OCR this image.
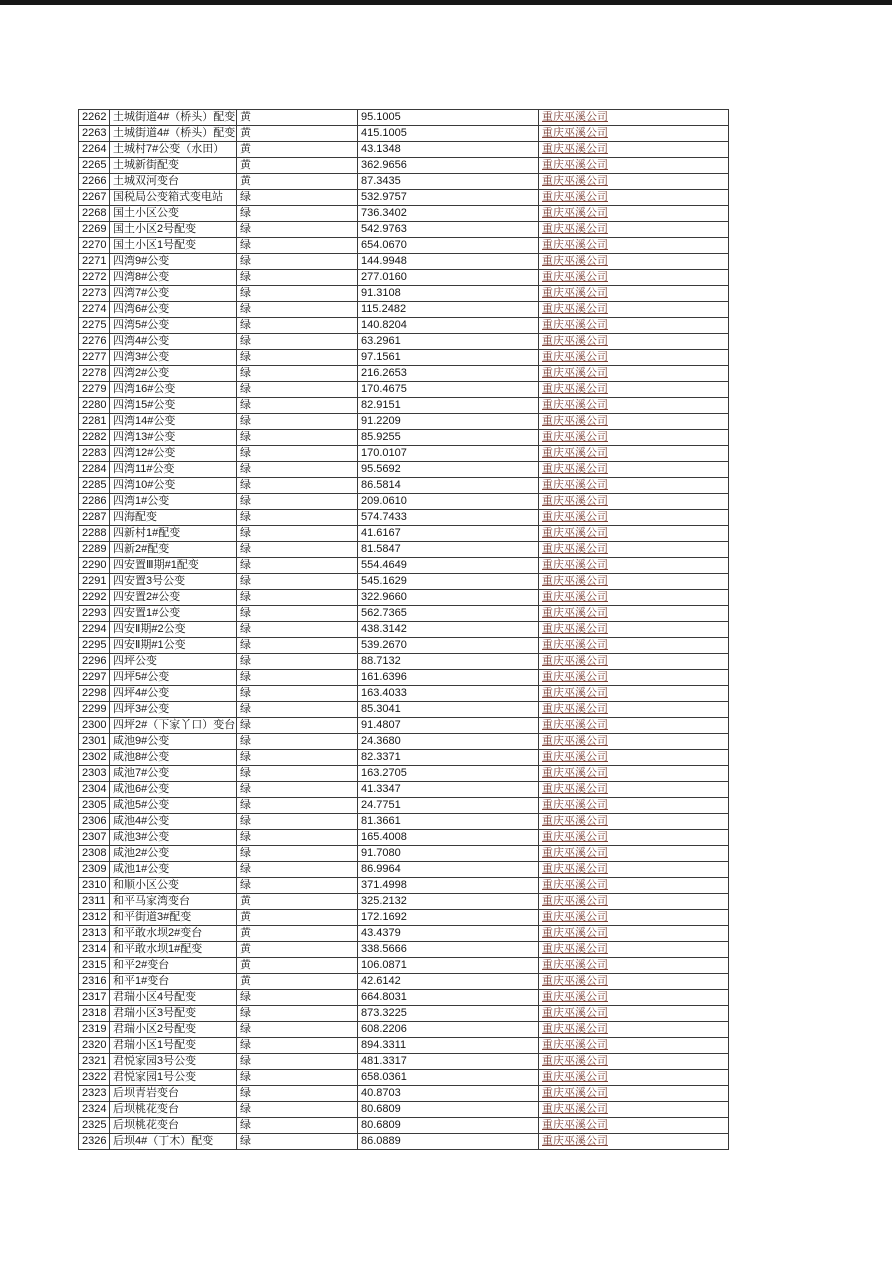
2262	土城街道4#（桥头）配变	黄	95.1005	重庆巫溪公司
2263	土城街道4#（桥头）配变	黄	415.1005	重庆巫溪公司
2264	土城村7#公变（水田）	黄	43.1348	重庆巫溪公司
2265	土城新街配变	黄	362.9656	重庆巫溪公司
2266	土城双河变台	黄	87.3435	重庆巫溪公司
2267	国税局公变箱式变电站	绿	532.9757	重庆巫溪公司
2268	国土小区公变	绿	736.3402	重庆巫溪公司
2269	国土小区2号配变	绿	542.9763	重庆巫溪公司
2270	国土小区1号配变	绿	654.0670	重庆巫溪公司
2271	四湾9#公变	绿	144.9948	重庆巫溪公司
2272	四湾8#公变	绿	277.0160	重庆巫溪公司
2273	四湾7#公变	绿	91.3108	重庆巫溪公司
2274	四湾6#公变	绿	115.2482	重庆巫溪公司
2275	四湾5#公变	绿	140.8204	重庆巫溪公司
2276	四湾4#公变	绿	63.2961	重庆巫溪公司
2277	四湾3#公变	绿	97.1561	重庆巫溪公司
2278	四湾2#公变	绿	216.2653	重庆巫溪公司
2279	四湾16#公变	绿	170.4675	重庆巫溪公司
2280	四湾15#公变	绿	82.9151	重庆巫溪公司
2281	四湾14#公变	绿	91.2209	重庆巫溪公司
2282	四湾13#公变	绿	85.9255	重庆巫溪公司
2283	四湾12#公变	绿	170.0107	重庆巫溪公司
2284	四湾11#公变	绿	95.5692	重庆巫溪公司
2285	四湾10#公变	绿	86.5814	重庆巫溪公司
2286	四湾1#公变	绿	209.0610	重庆巫溪公司
2287	四海配变	绿	574.7433	重庆巫溪公司
2288	四新村1#配变	绿	41.6167	重庆巫溪公司
2289	四新2#配变	绿	81.5847	重庆巫溪公司
2290	四安置Ⅲ期#1配变	绿	554.4649	重庆巫溪公司
2291	四安置3号公变	绿	545.1629	重庆巫溪公司
2292	四安置2#公变	绿	322.9660	重庆巫溪公司
2293	四安置1#公变	绿	562.7365	重庆巫溪公司
2294	四安Ⅱ期#2公变	绿	438.3142	重庆巫溪公司
2295	四安Ⅱ期#1公变	绿	539.2670	重庆巫溪公司
2296	四坪公变	绿	88.7132	重庆巫溪公司
2297	四坪5#公变	绿	161.6396	重庆巫溪公司
2298	四坪4#公变	绿	163.4033	重庆巫溪公司
2299	四坪3#公变	绿	85.3041	重庆巫溪公司
2300	四坪2#（下家丫口）变台	绿	91.4807	重庆巫溪公司
2301	咸池9#公变	绿	24.3680	重庆巫溪公司
2302	咸池8#公变	绿	82.3371	重庆巫溪公司
2303	咸池7#公变	绿	163.2705	重庆巫溪公司
2304	咸池6#公变	绿	41.3347	重庆巫溪公司
2305	咸池5#公变	绿	24.7751	重庆巫溪公司
2306	咸池4#公变	绿	81.3661	重庆巫溪公司
2307	咸池3#公变	绿	165.4008	重庆巫溪公司
2308	咸池2#公变	绿	91.7080	重庆巫溪公司
2309	咸池1#公变	绿	86.9964	重庆巫溪公司
2310	和顺小区公变	绿	371.4998	重庆巫溪公司
2311	和平马家湾变台	黄	325.2132	重庆巫溪公司
2312	和平街道3#配变	黄	172.1692	重庆巫溪公司
2313	和平敢水坝2#变台	黄	43.4379	重庆巫溪公司
2314	和平敢水坝1#配变	黄	338.5666	重庆巫溪公司
2315	和平2#变台	黄	106.0871	重庆巫溪公司
2316	和平1#变台	黄	42.6142	重庆巫溪公司
2317	君瑞小区4号配变	绿	664.8031	重庆巫溪公司
2318	君瑞小区3号配变	绿	873.3225	重庆巫溪公司
2319	君瑞小区2号配变	绿	608.2206	重庆巫溪公司
2320	君瑞小区1号配变	绿	894.3311	重庆巫溪公司
2321	君悦家园3号公变	绿	481.3317	重庆巫溪公司
2322	君悦家园1号公变	绿	658.0361	重庆巫溪公司
2323	后坝青岩变台	绿	40.8703	重庆巫溪公司
2324	后坝桃花变台	绿	80.6809	重庆巫溪公司
2325	后坝桃花变台	绿	80.6809	重庆巫溪公司
2326	后坝4#（丁木）配变	绿	86.0889	重庆巫溪公司
